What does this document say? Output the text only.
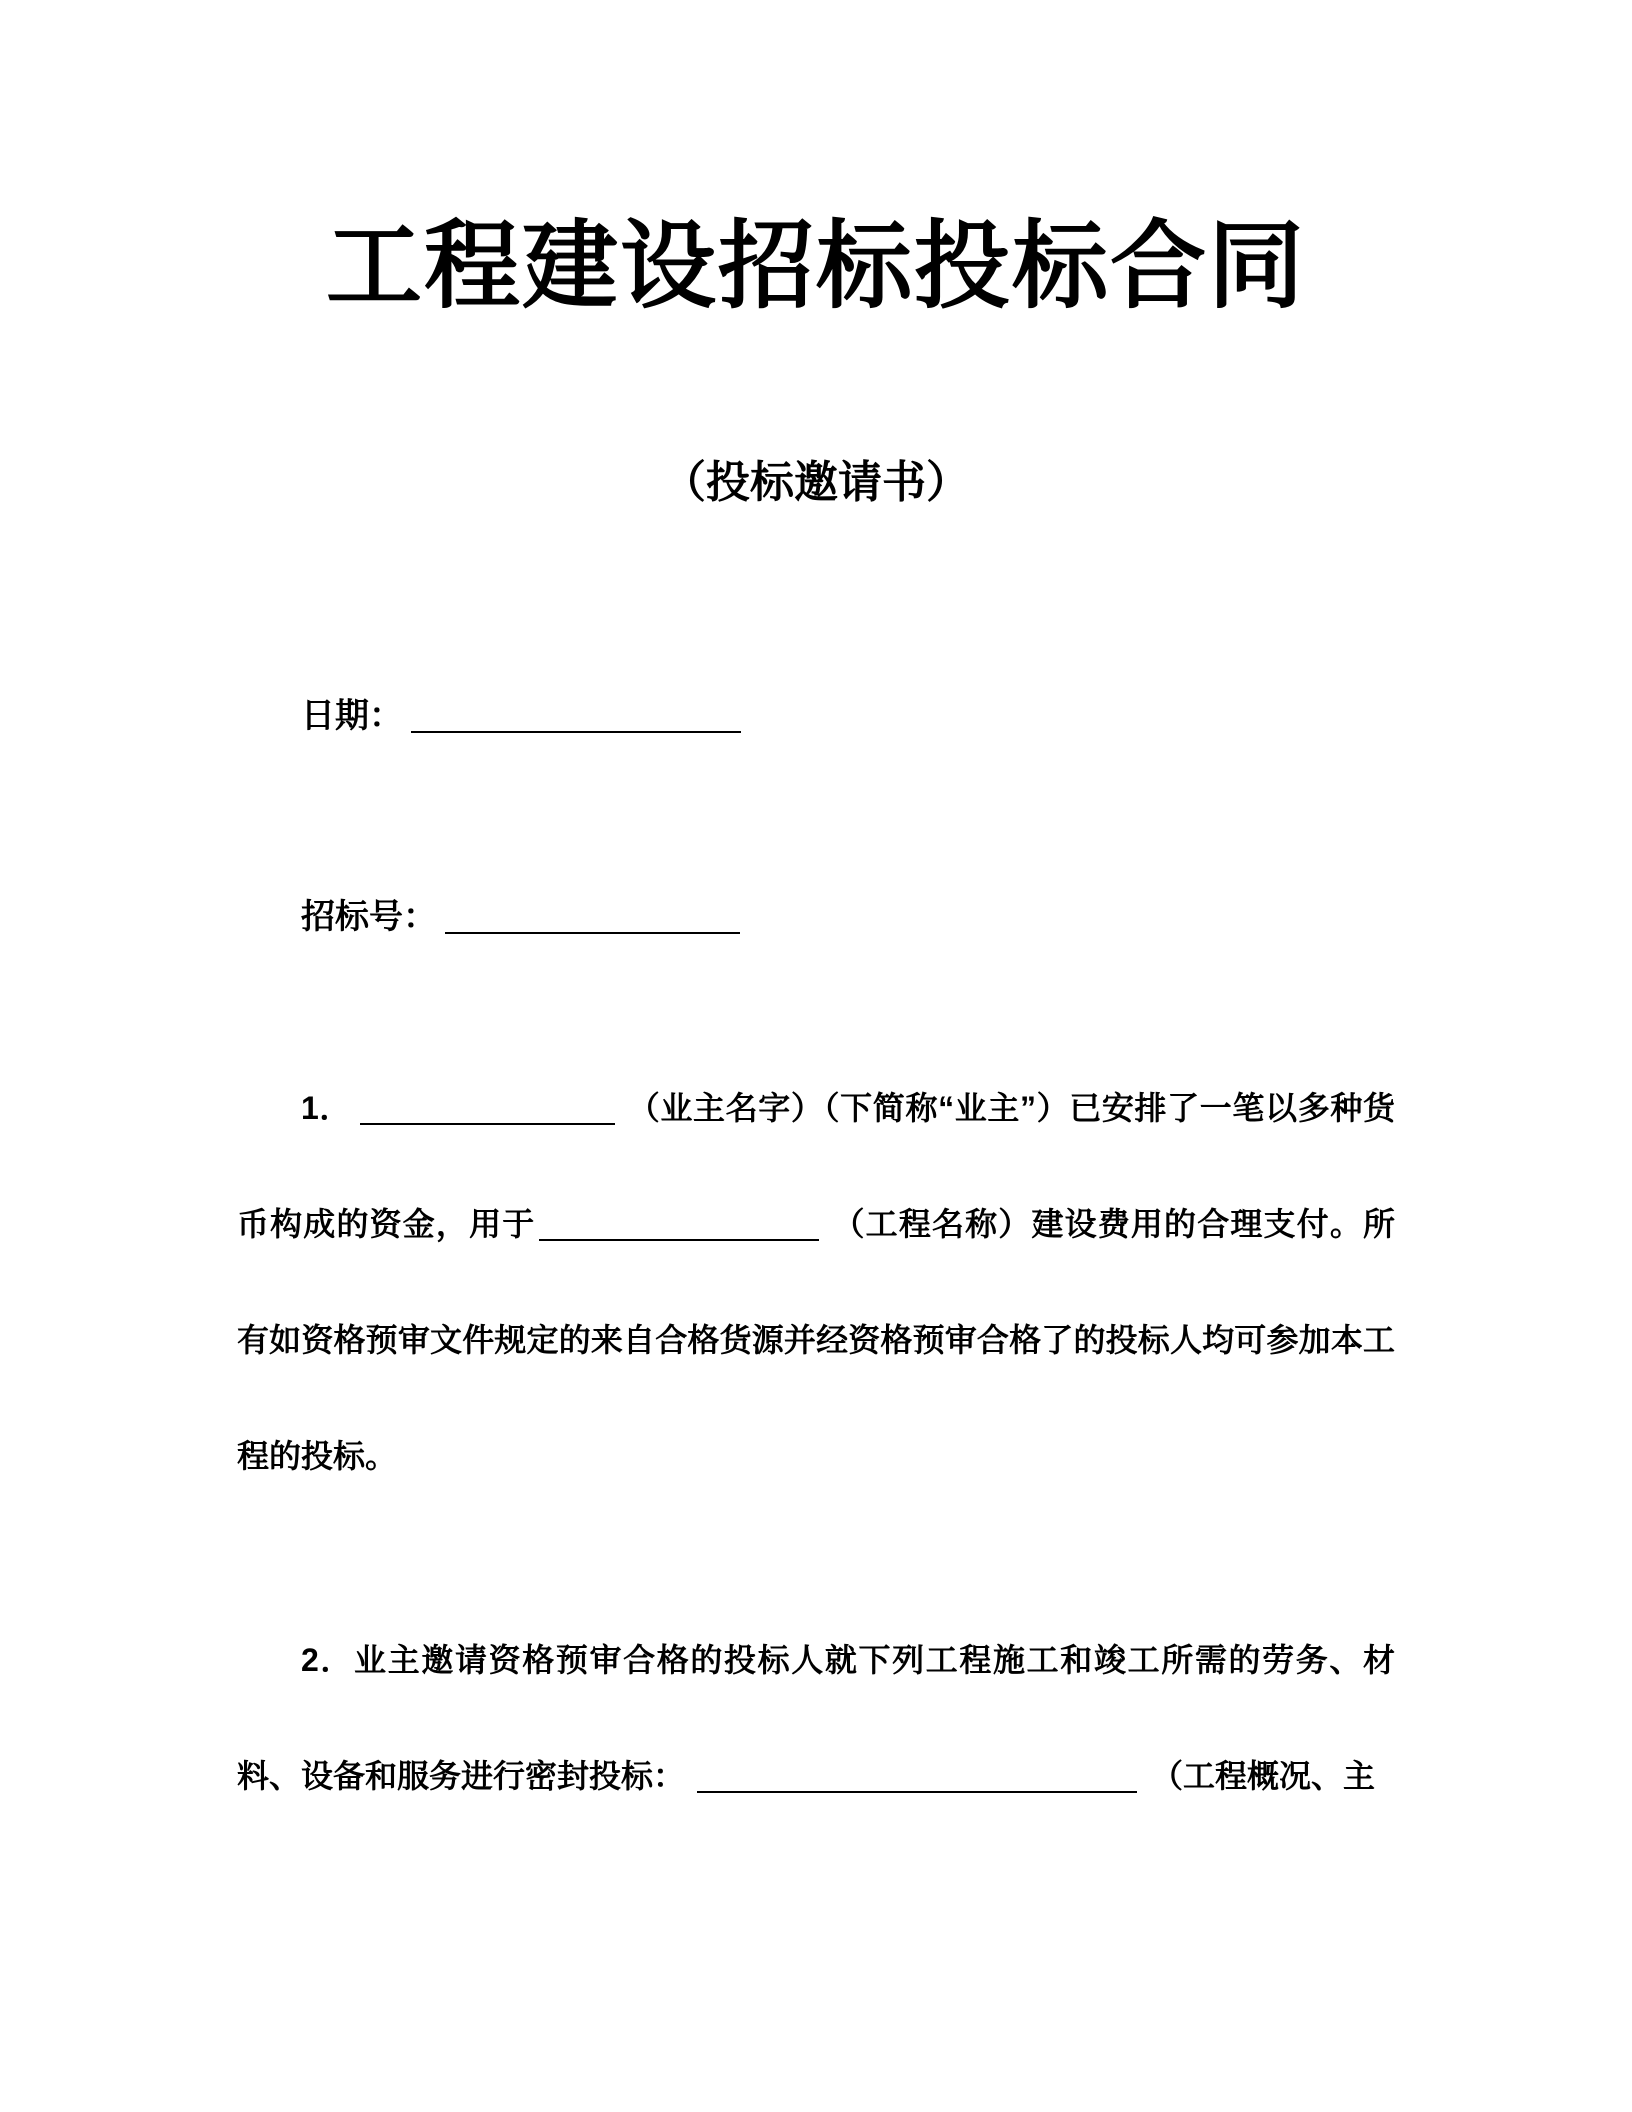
工程建设招标投标合同
（投标邀请书）
日期：
招标号：

1．	（业主名字）（下简称“业主”）已安排了一笔以多种货币构成的资金，用于	（工程名称）建设费用的合理支付。所有如资格预审文件规定的来自合格货源并经资格预审合格了的投标人均可参加本工程的投标。

2．业主邀请资格预审合格的投标人就下列工程施工和竣工所需的劳务、材料、设备和服务进行密封投标：	（工程概况、主
